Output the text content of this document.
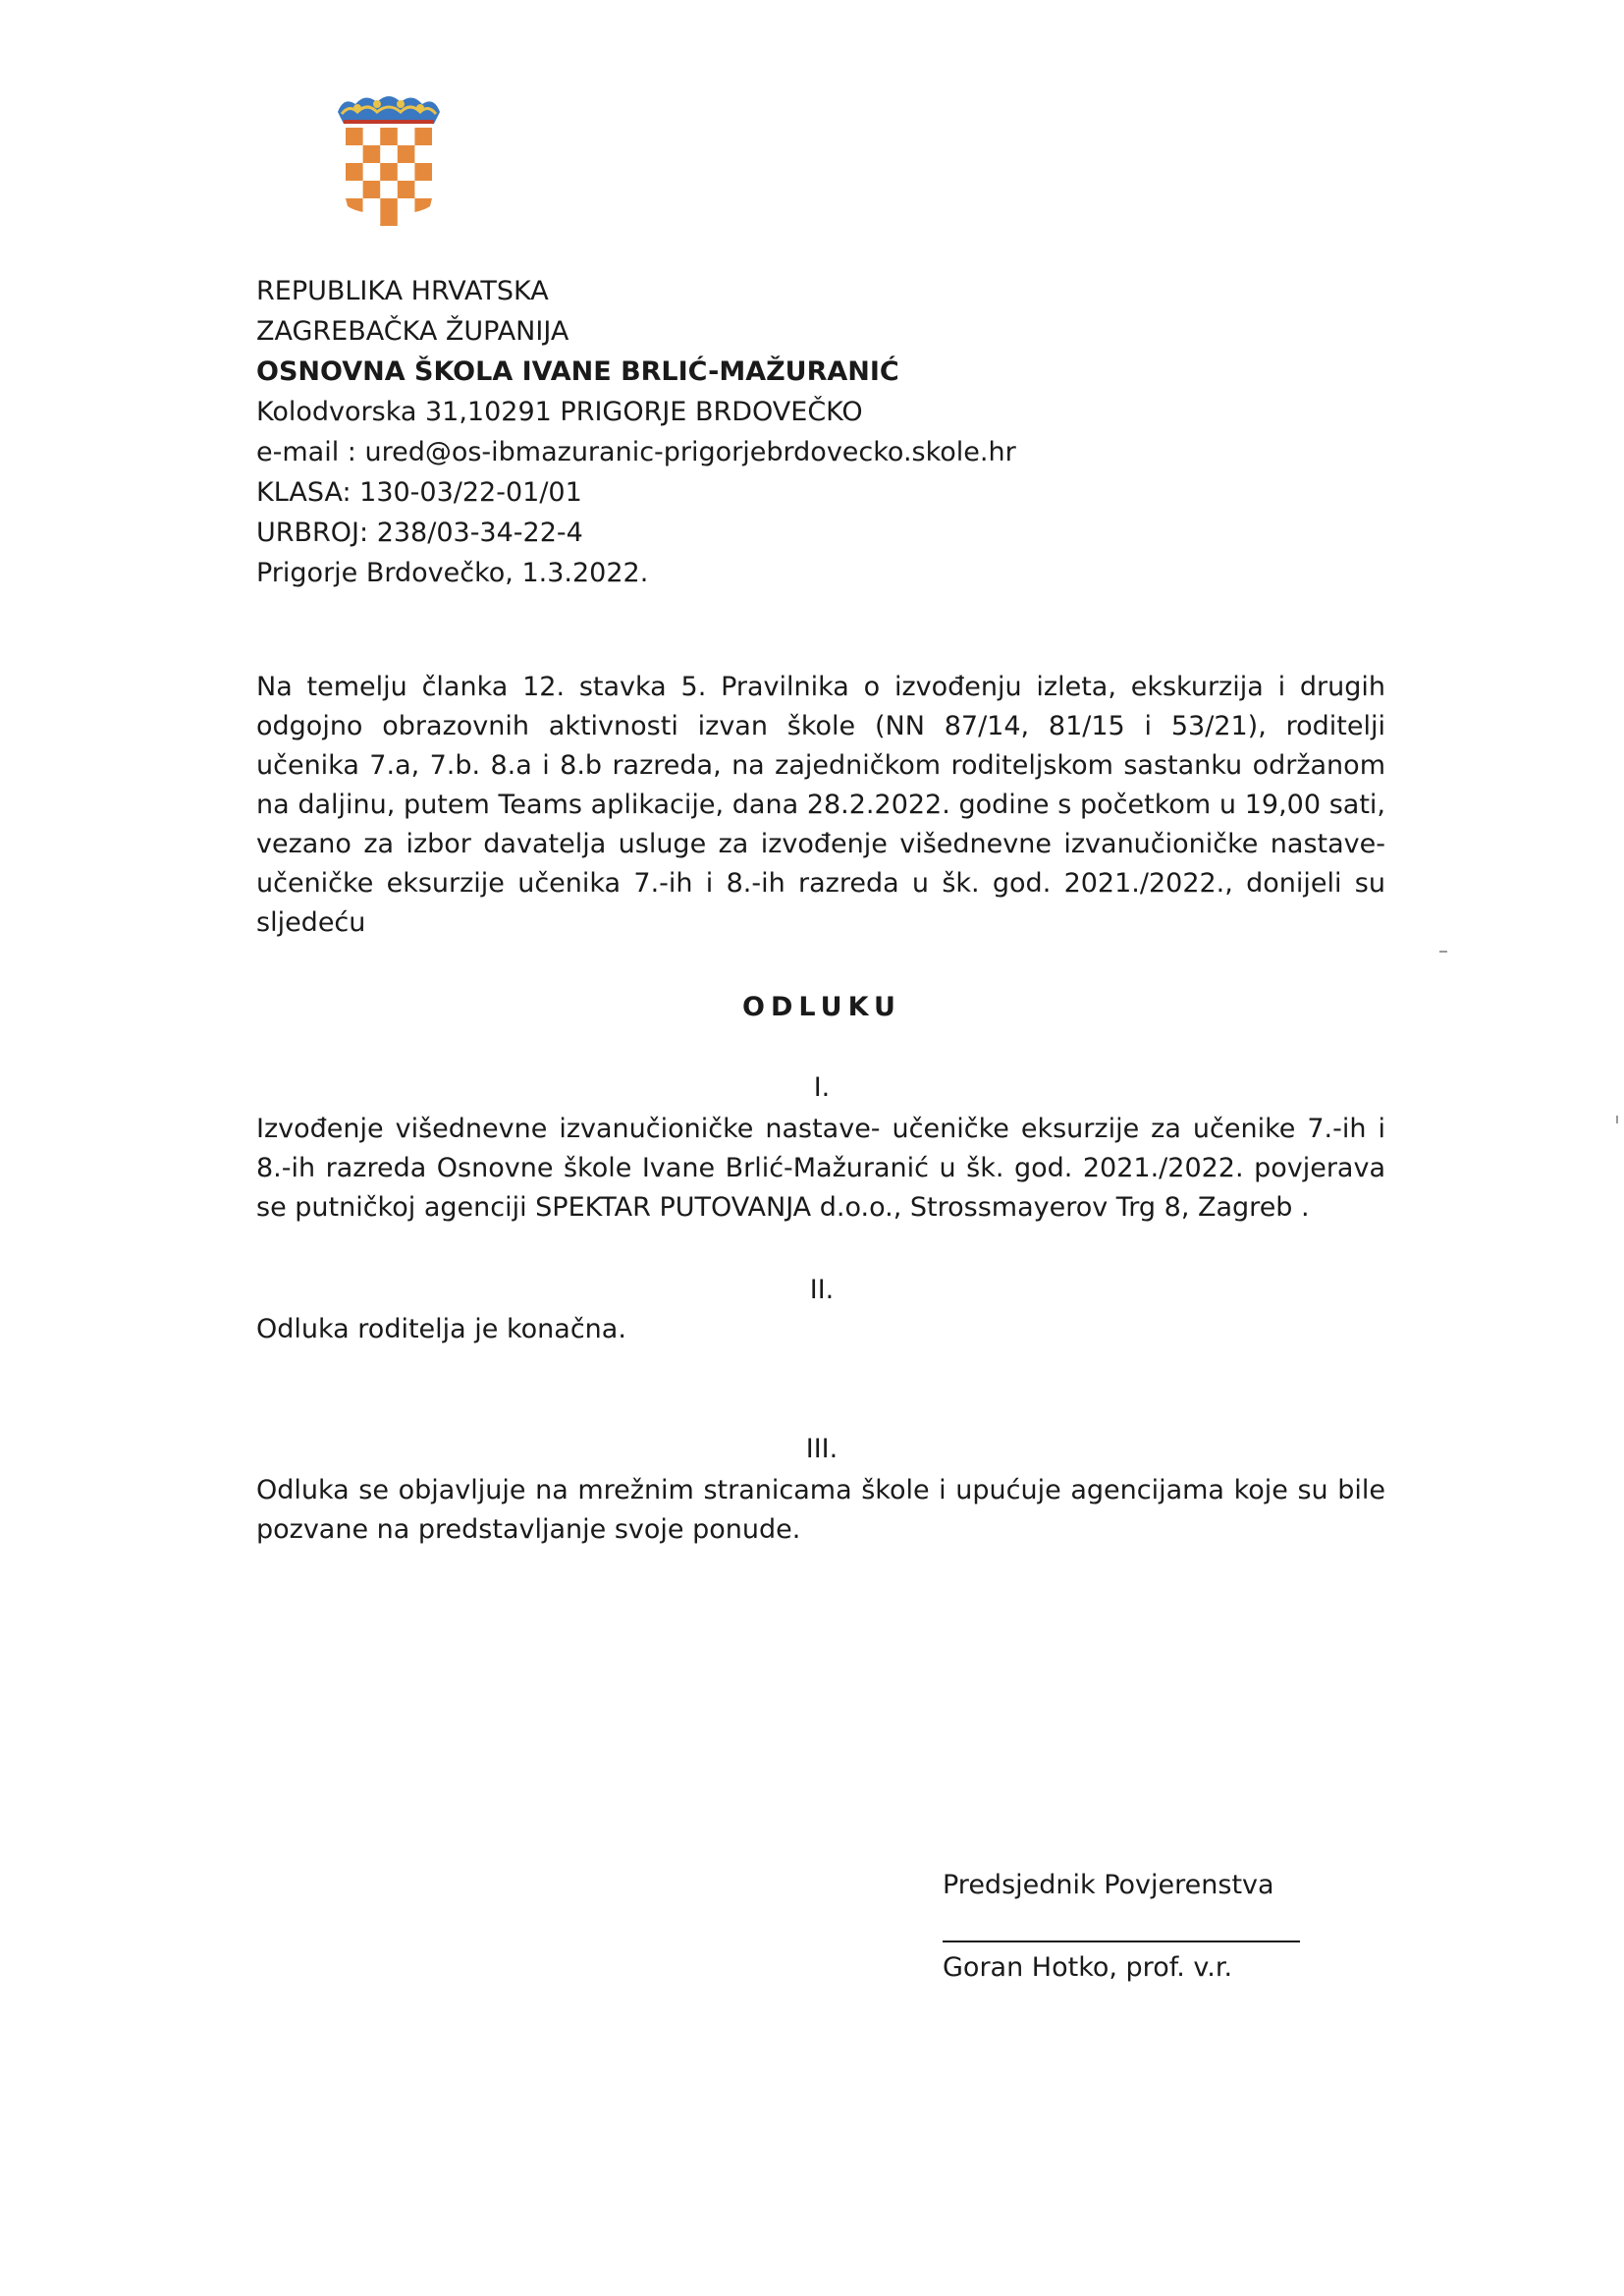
REPUBLIKA HRVATSKA
ZAGREBAČKA ŽUPANIJA
OSNOVNA ŠKOLA IVANE BRLIĆ-MAŽURANIĆ
Kolodvorska 31,10291 PRIGORJE BRDOVEČKO
e-mail : ured@os-ibmazuranic-prigorjebrdovecko.skole.hr
KLASA: 130-03/22-01/01
URBROJ: 238/03-34-22-4
Prigorje Brdovečko, 1.3.2022.
Na temelju članka 12. stavka 5. Pravilnika o izvođenju izleta, ekskurzija i drugih odgojno obrazovnih aktivnosti izvan škole (NN 87/14, 81/15 i 53/21), roditelji učenika 7.a, 7.b. 8.a i 8.b razreda, na zajedničkom roditeljskom sastanku održanom na daljinu, putem Teams aplikacije, dana 28.2.2022. godine s početkom u 19,00 sati, vezano za izbor davatelja usluge za izvođenje višednevne izvanučioničke nastave-učeničke eksurzije učenika 7.-ih i 8.-ih razreda u šk. god. 2021./2022., donijeli su sljedeću
ODLUKU
I.
Izvođenje višednevne izvanučioničke nastave- učeničke eksurzije za učenike 7.-ih i 8.-ih razreda Osnovne škole Ivane Brlić-Mažuranić u šk. god. 2021./2022. povjerava se putničkoj agenciji SPEKTAR PUTOVANJA d.o.o., Strossmayerov Trg 8, Zagreb .
II.
Odluka roditelja je konačna.
III.
Odluka se objavljuje na mrežnim stranicama škole i upućuje agencijama koje su bile pozvane na predstavljanje svoje ponude.
Predsjednik Povjerenstva
Goran Hotko, prof. v.r.
